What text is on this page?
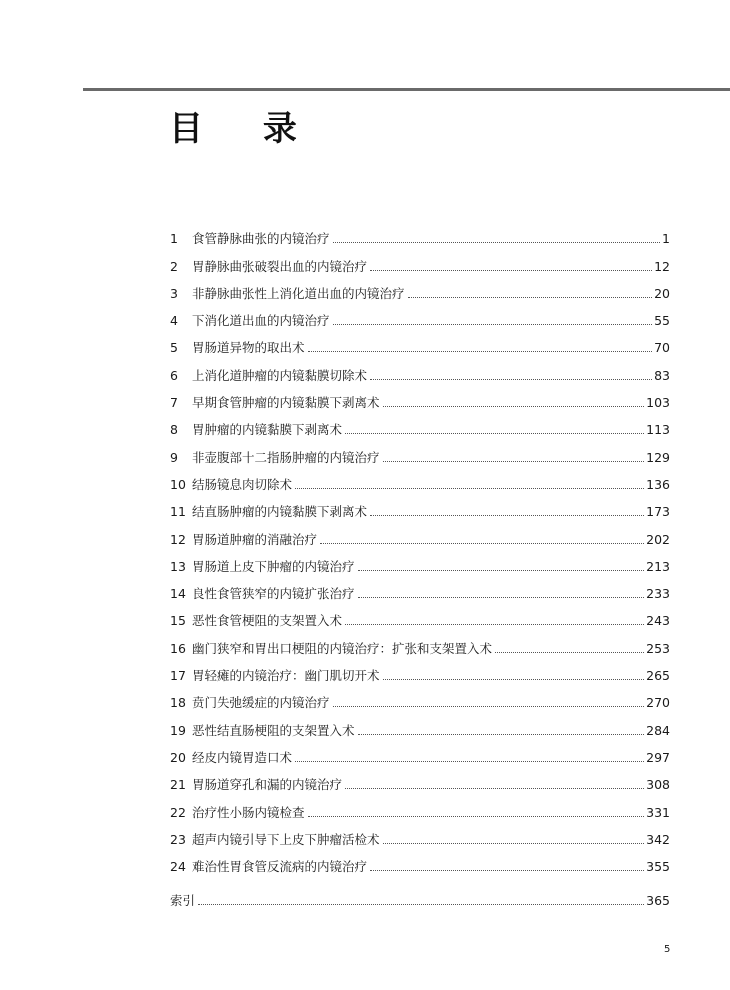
目 录
1	食管静脉曲张的内镜治疗	1
2	胃静脉曲张破裂出血的内镜治疗	12
3	非静脉曲张性上消化道出血的内镜治疗	20
4	下消化道出血的内镜治疗	55
5	胃肠道异物的取出术	70
6	上消化道肿瘤的内镜黏膜切除术	83
7	早期食管肿瘤的内镜黏膜下剥离术	103
8	胃肿瘤的内镜黏膜下剥离术	113
9	非壶腹部十二指肠肿瘤的内镜治疗	129
10 结肠镜息肉切除术	136
11 结直肠肿瘤的内镜黏膜下剥离术	173
12 胃肠道肿瘤的消融治疗	202
13 胃肠道上皮下肿瘤的内镜治疗	213
14 良性食管狭窄的内镜扩张治疗	233
15 恶性食管梗阻的支架置入术	243
16 幽门狭窄和胃出口梗阻的内镜治疗：扩张和支架置入术	253
17 胃轻瘫的内镜治疗：幽门肌切开术	265
18 贲门失弛缓症的内镜治疗	270
19 恶性结直肠梗阻的支架置入术	284
20 经皮内镜胃造口术	297
21 胃肠道穿孔和漏的内镜治疗	308
22 治疗性小肠内镜检查	331
23 超声内镜引导下上皮下肿瘤活检术	342
24 难治性胃食管反流病的内镜治疗	355
索引	365
5
